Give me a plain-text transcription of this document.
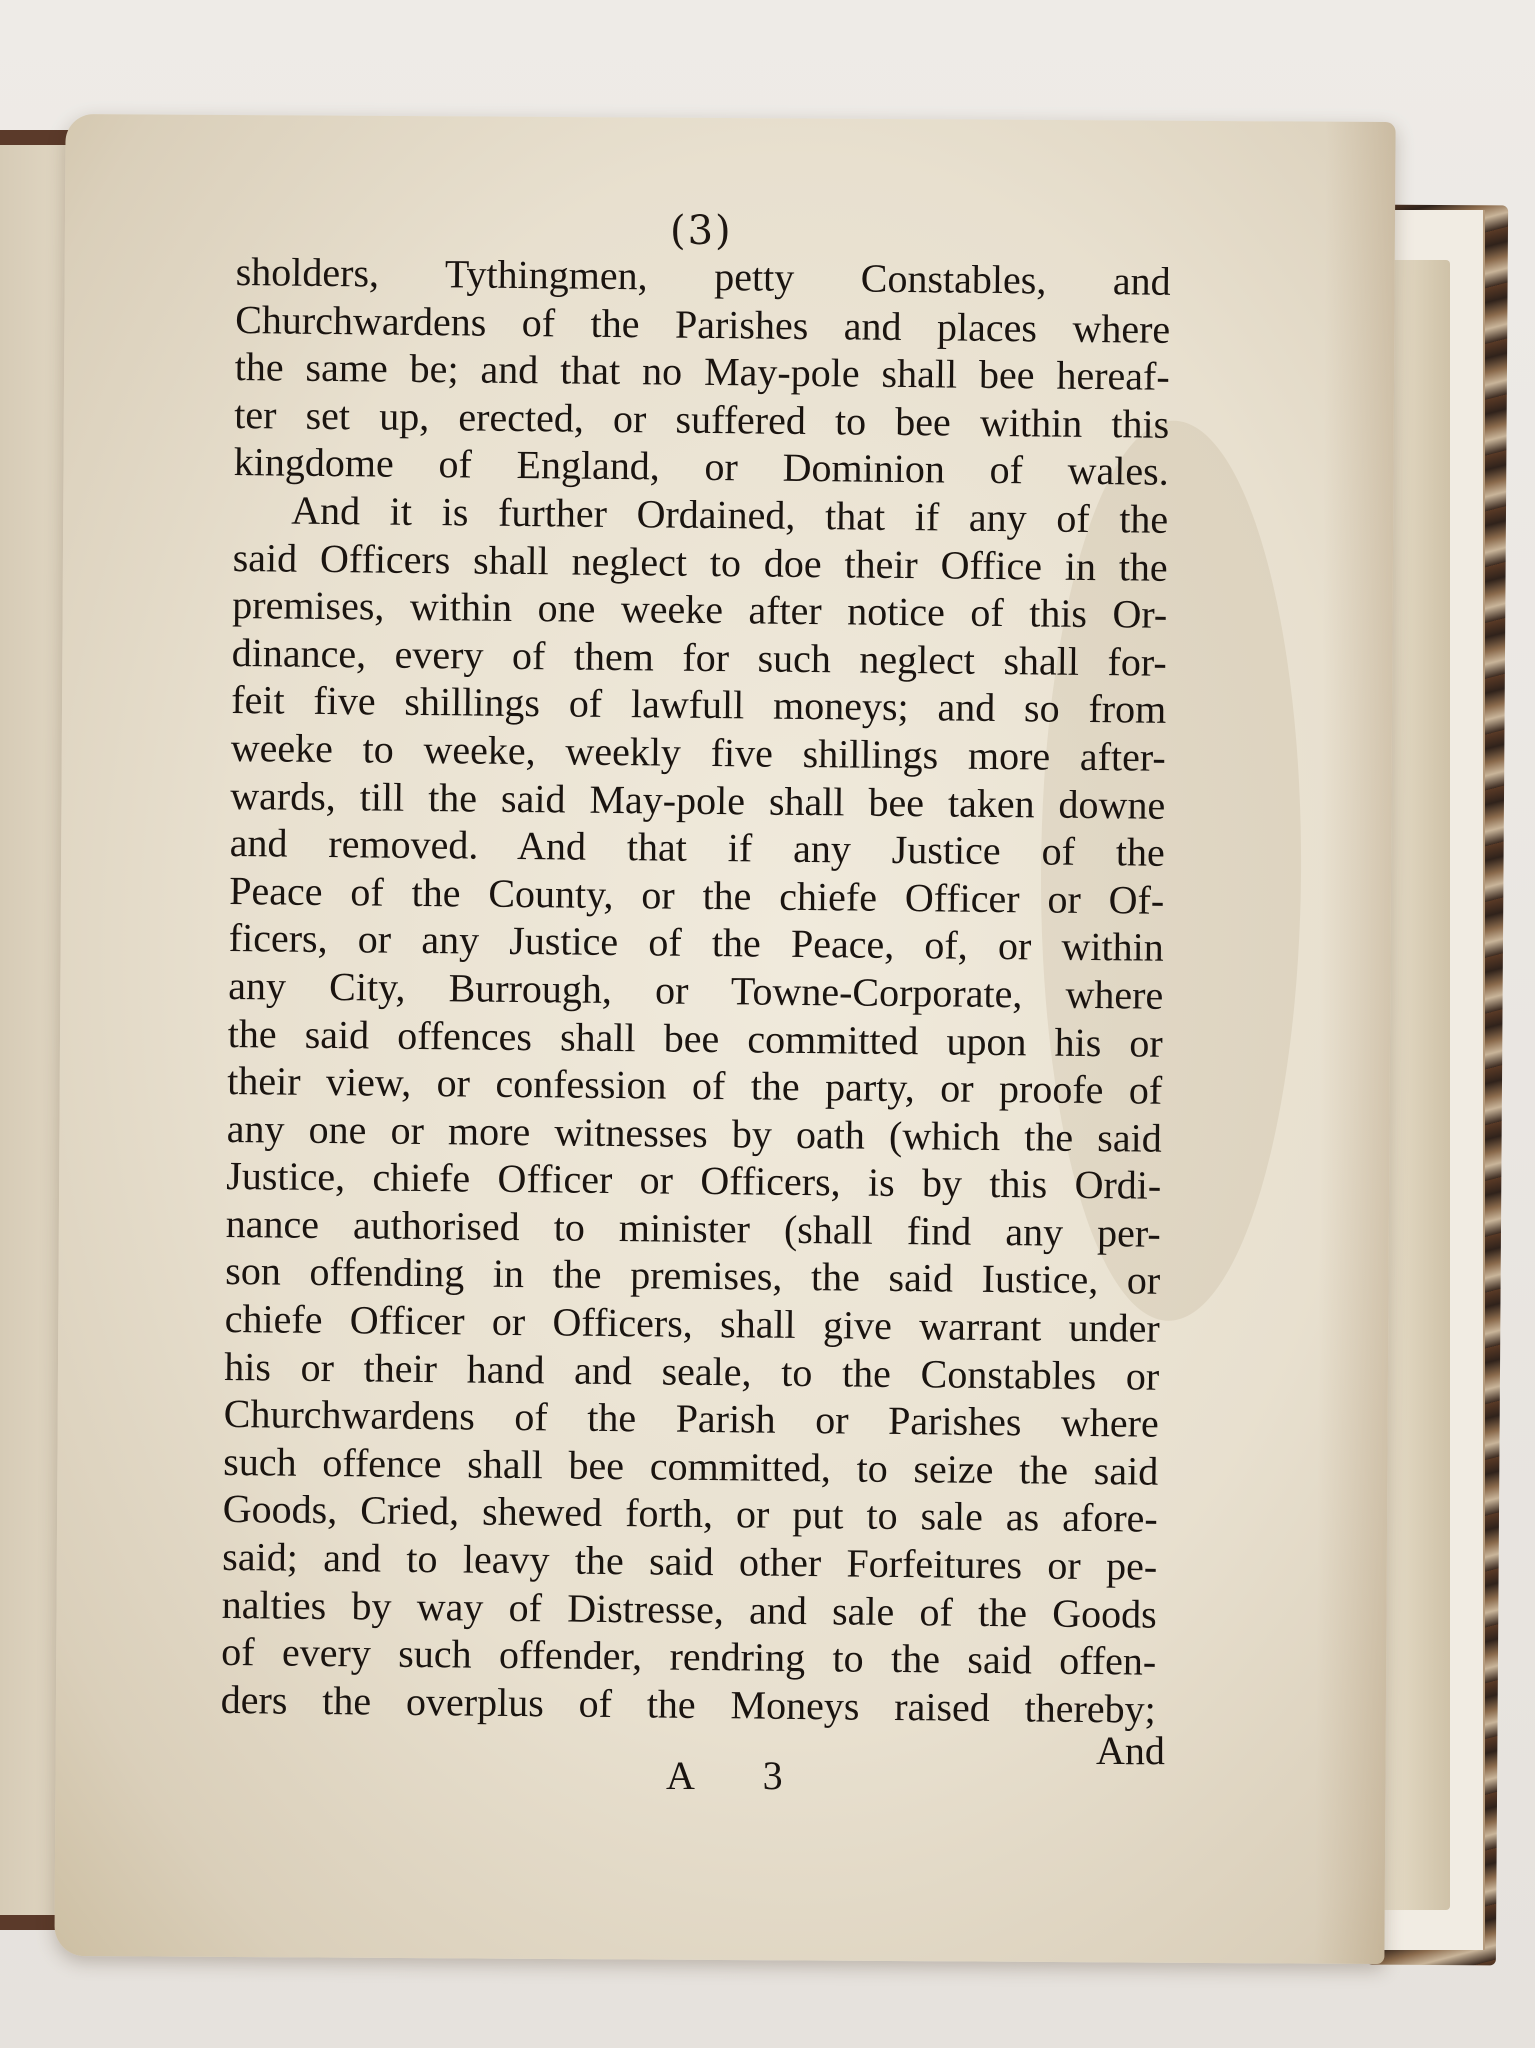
(3)
sholders, Tythingmen, petty Constables, and
Churchwardens of the Parishes and places where
the same be; and that no May-pole shall bee hereaf-
ter set up, erected, or suffered to bee within this
kingdome of England, or Dominion of wales.
And it is further Ordained, that if any of the
said Officers shall neglect to doe their Office in the
premises, within one weeke after notice of this Or-
dinance, every of them for such neglect shall for-
feit five shillings of lawfull moneys; and so from
weeke to weeke, weekly five shillings more after-
wards, till the said May-pole shall bee taken downe
and removed. And that if any Justice of the
Peace of the County, or the chiefe Officer or Of-
ficers, or any Justice of the Peace, of, or within
any City, Burrough, or Towne-Corporate, where
the said offences shall bee committed upon his or
their view, or confession of the party, or proofe of
any one or more witnesses by oath (which the said
Justice, chiefe Officer or Officers, is by this Ordi-
nance authorised to minister (shall find any per-
son offending in the premises, the said Iustice, or
chiefe Officer or Officers, shall give warrant under
his or their hand and seale, to the Constables or
Churchwardens of the Parish or Parishes where
such offence shall bee committed, to seize the said
Goods, Cried, shewed forth, or put to sale as afore-
said; and to leavy the said other Forfeitures or pe-
nalties by way of Distresse, and sale of the Goods
of every such offender, rendring to the said offen-
ders the overplus of the Moneys raised thereby;
A 3
And
